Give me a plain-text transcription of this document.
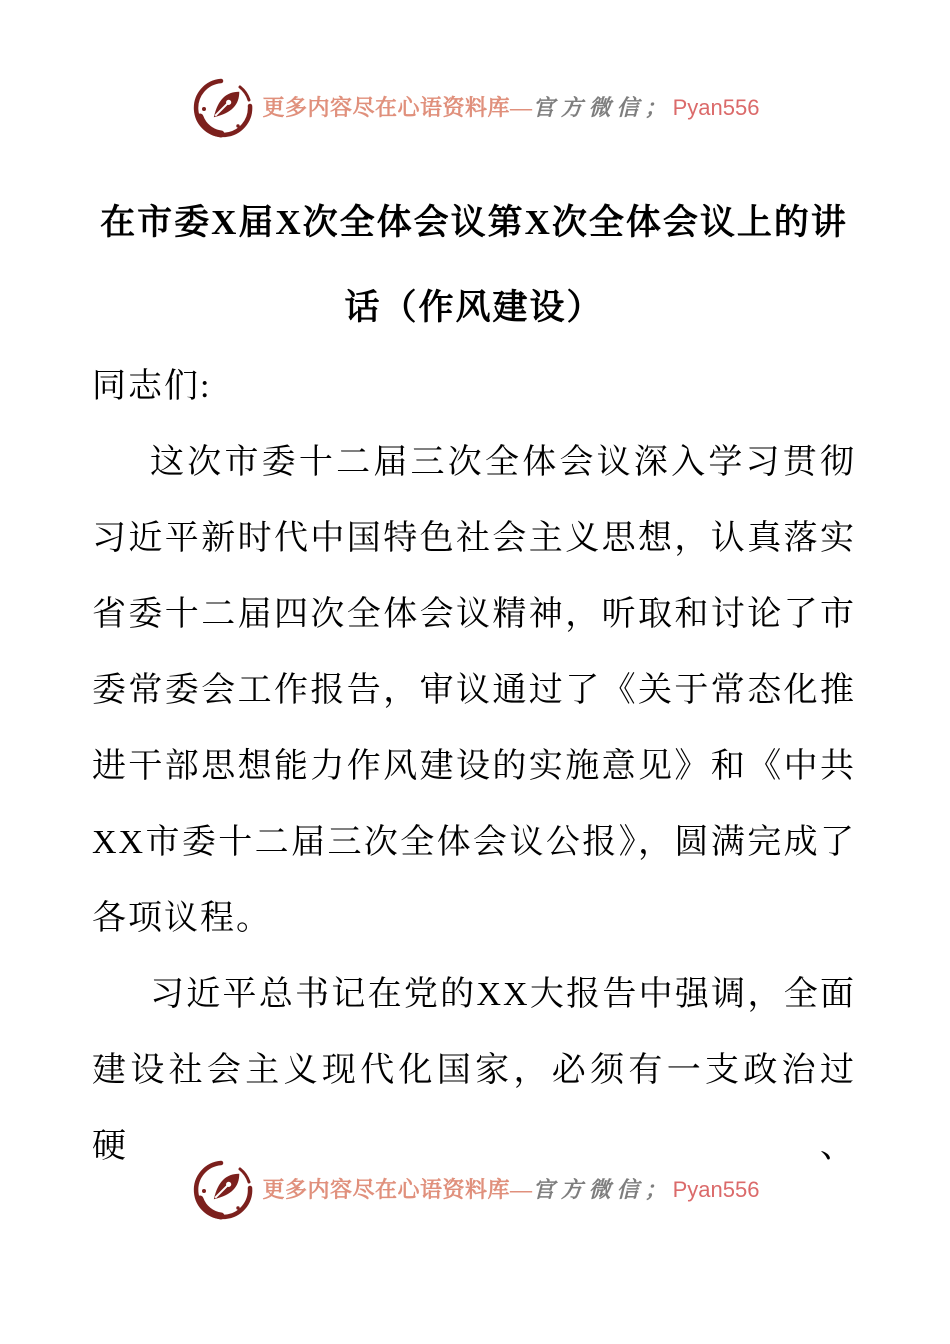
更多内容尽在心语资料库—官方微信；Pyan556
在市委X届X次全体会议第X次全体会议上的讲
话（作风建设）
同志们:
这次市委十二届三次全体会议深入学习贯彻
习近平新时代中国特色社会主义思想，认真落实
省委十二届四次全体会议精神，听取和讨论了市
委常委会工作报告，审议通过了《关于常态化推
进干部思想能力作风建设的实施意见》和《中共
XX市委十二届三次全体会议公报》，圆满完成了
各项议程。
习近平总书记在党的XX大报告中强调，全面
建设社会主义现代化国家，必须有一支政治过硬、
更多内容尽在心语资料库—官方微信；Pyan556
